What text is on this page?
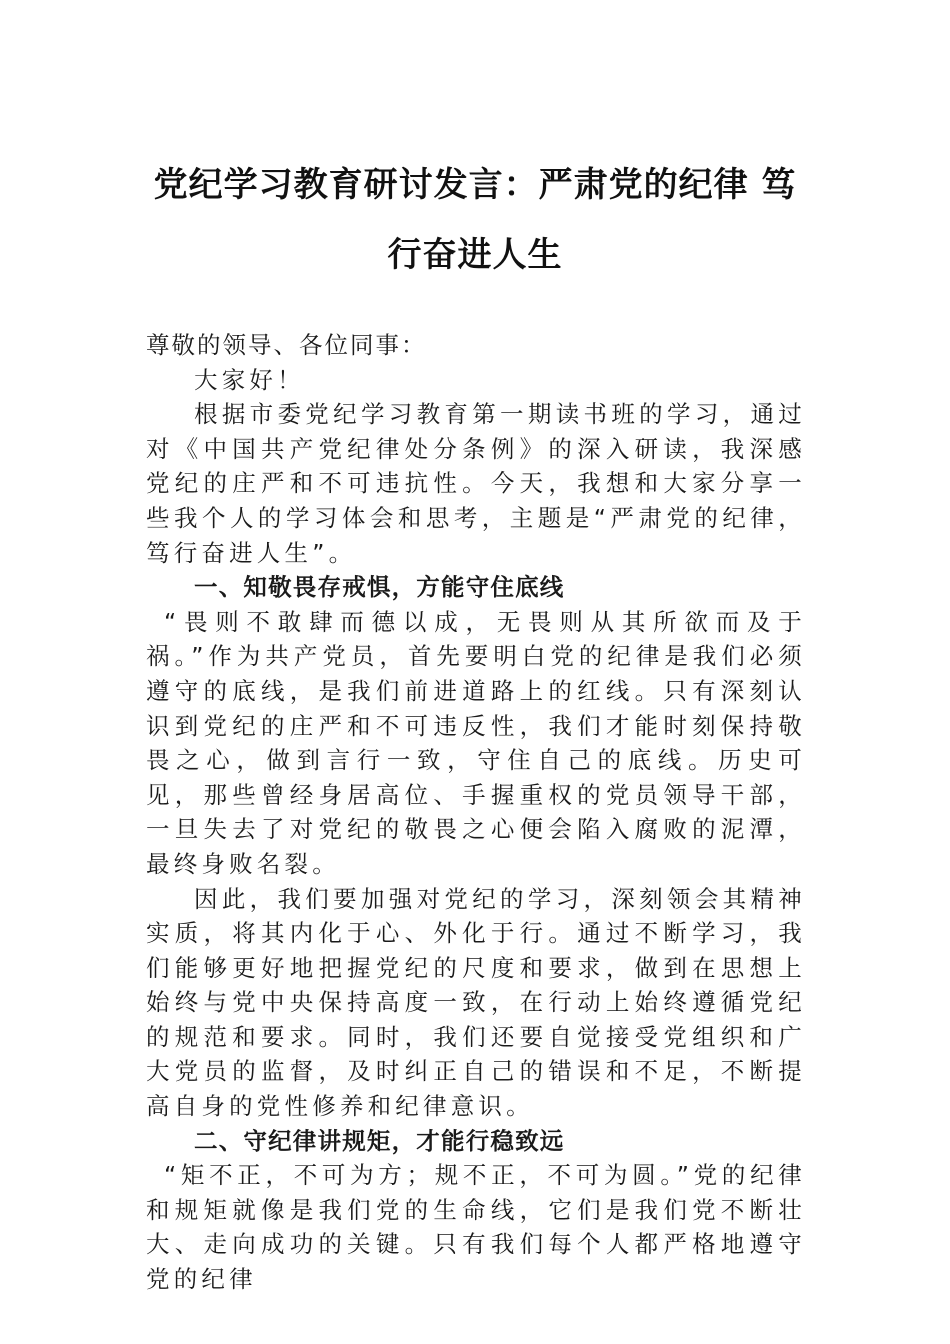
党纪学习教育研讨发言：严肃党的纪律 笃
行奋进人生

尊敬的领导、各位同事：

大家好！

根据市委党纪学习教育第一期读书班的学习，通过对《中国共产党纪律处分条例》的深入研读，我深感党纪的庄严和不可违抗性。今天，我想和大家分享一些我个人的学习体会和思考，主题是“严肃党的纪律，笃行奋进人生”。

一、知敬畏存戒惧，方能守住底线

“畏则不敢肆而德以成，无畏则从其所欲而及于祸。”作为共产党员，首先要明白党的纪律是我们必须遵守的底线，是我们前进道路上的红线。只有深刻认识到党纪的庄严和不可违反性，我们才能时刻保持敬畏之心，做到言行一致，守住自己的底线。历史可见，那些曾经身居高位、手握重权的党员领导干部，一旦失去了对党纪的敬畏之心便会陷入腐败的泥潭，最终身败名裂。

因此，我们要加强对党纪的学习，深刻领会其精神实质，将其内化于心、外化于行。通过不断学习，我们能够更好地把握党纪的尺度和要求，做到在思想上始终与党中央保持高度一致，在行动上始终遵循党纪的规范和要求。同时，我们还要自觉接受党组织和广大党员的监督，及时纠正自己的错误和不足，不断提高自身的党性修养和纪律意识。

二、守纪律讲规矩，才能行稳致远

“矩不正，不可为方；规不正，不可为圆。”党的纪律和规矩就像是我们党的生命线，它们是我们党不断壮大、走向成功的关键。只有我们每个人都严格地遵守党的纪律
